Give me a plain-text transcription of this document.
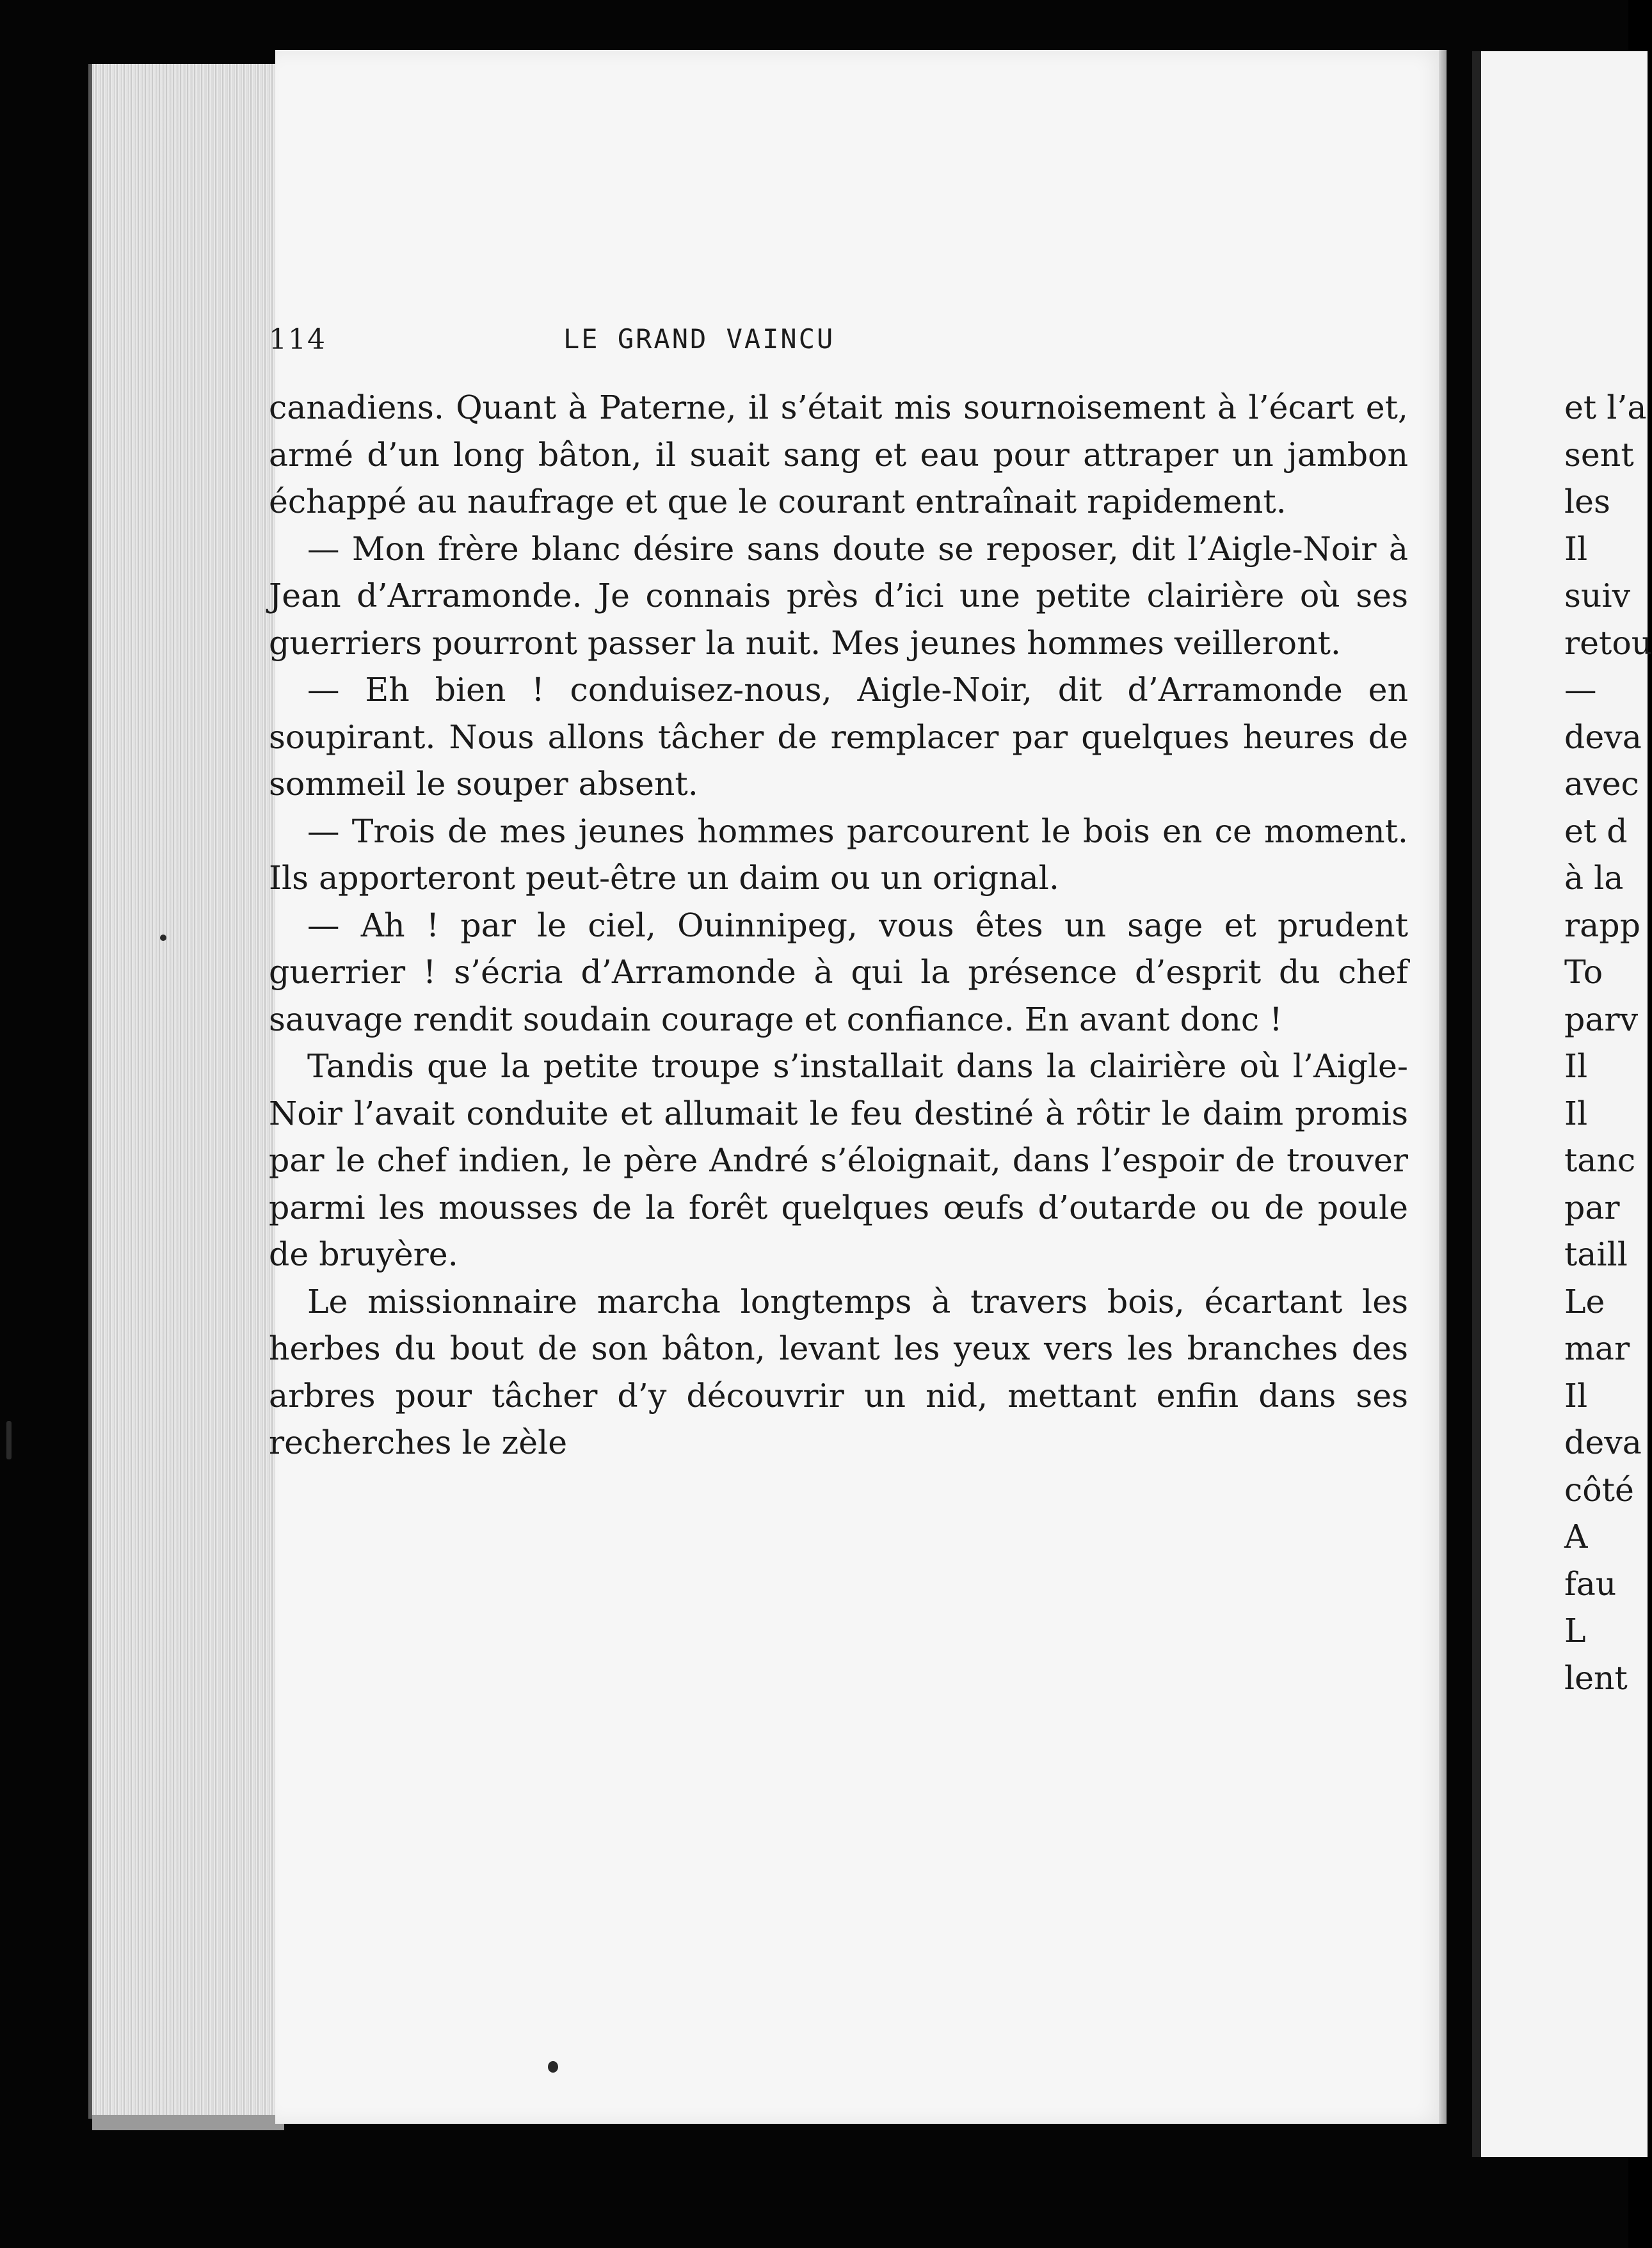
114	LE GRAND VAINCU

canadiens. Quant à Paterne, il s’était mis sournoisement à l’écart et, armé d’un long bâton, il suait sang et eau pour attraper un jambon échappé au naufrage et que le courant entraînait rapidement.

— Mon frère blanc désire sans doute se reposer, dit l’Aigle-Noir à Jean d’Arramonde. Je connais près d’ici une petite clairière où ses guerriers pourront passer la nuit. Mes jeunes hommes veilleront.

— Eh bien ! conduisez-nous, Aigle-Noir, dit d’Arramonde en soupirant. Nous allons tâcher de remplacer par quelques heures de sommeil le souper absent.

— Trois de mes jeunes hommes parcourent le bois en ce moment. Ils apporteront peut-être un daim ou un orignal.

— Ah ! par le ciel, Ouinnipeg, vous êtes un sage et prudent guerrier ! s’écria d’Arramonde à qui la présence d’esprit du chef sauvage rendit soudain courage et confiance. En avant donc !

Tandis que la petite troupe s’installait dans la clairière où l’Aigle-Noir l’avait conduite et allumait le feu destiné à rôtir le daim promis par le chef indien, le père André s’éloignait, dans l’espoir de trouver parmi les mousses de la forêt quelques œufs d’outarde ou de poule de bruyère.

Le missionnaire marcha longtemps à travers bois, écartant les herbes du bout de son bâton, levant les yeux vers les branches des arbres pour tâcher d’y découvrir un nid, mettant enfin dans ses recherches le zèle

et l’a
sent
les
Il
suiv
retou
—
deva
avec
et d
à la
rapp
To
parv
Il
Il
tanc
par
taill
Le
mar
Il
deva
côté
A
fau
L
lent
